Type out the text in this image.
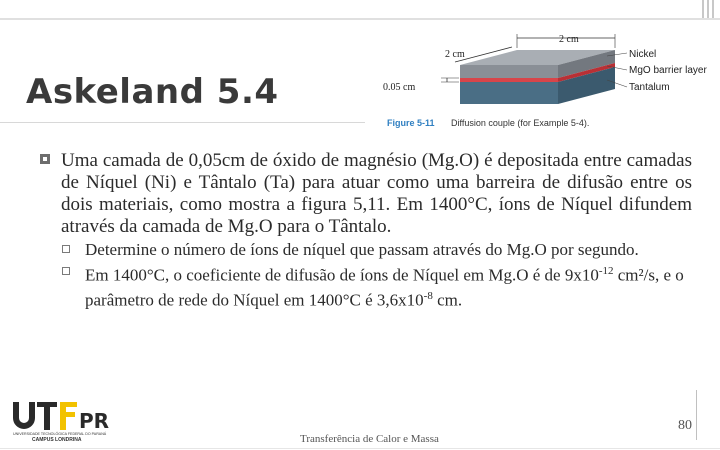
Askeland 5.4
2 cm
2 cm
0.05 cm
Nickel
MgO barrier layer
Tantalum
Figure 5-11 Diffusion couple (for Example 5-4).
Uma camada de 0,05cm de óxido de magnésio (Mg.O) é depositada entre camadas de Níquel (Ni) e Tântalo (Ta) para atuar como uma barreira de difusão entre os dois materiais, como mostra a figura 5,11. Em 1400°C, íons de Níquel difundem através da camada de Mg.O para o Tântalo.
Determine o número de íons de níquel que passam através do Mg.O por segundo.
Em 1400°C, o coeficiente de difusão de íons de Níquel em Mg.O é de $9x10^{-12}$ cm²/s, e o parâmetro de rede do Níquel em 1400°C é $3,6x10^{-8}$ cm.
PR
UNIVERSIDADE TECNOLÓGICA FEDERAL DO PARANÁ
CAMPUS LONDRINA	Transferência de Calor e Massa
80
